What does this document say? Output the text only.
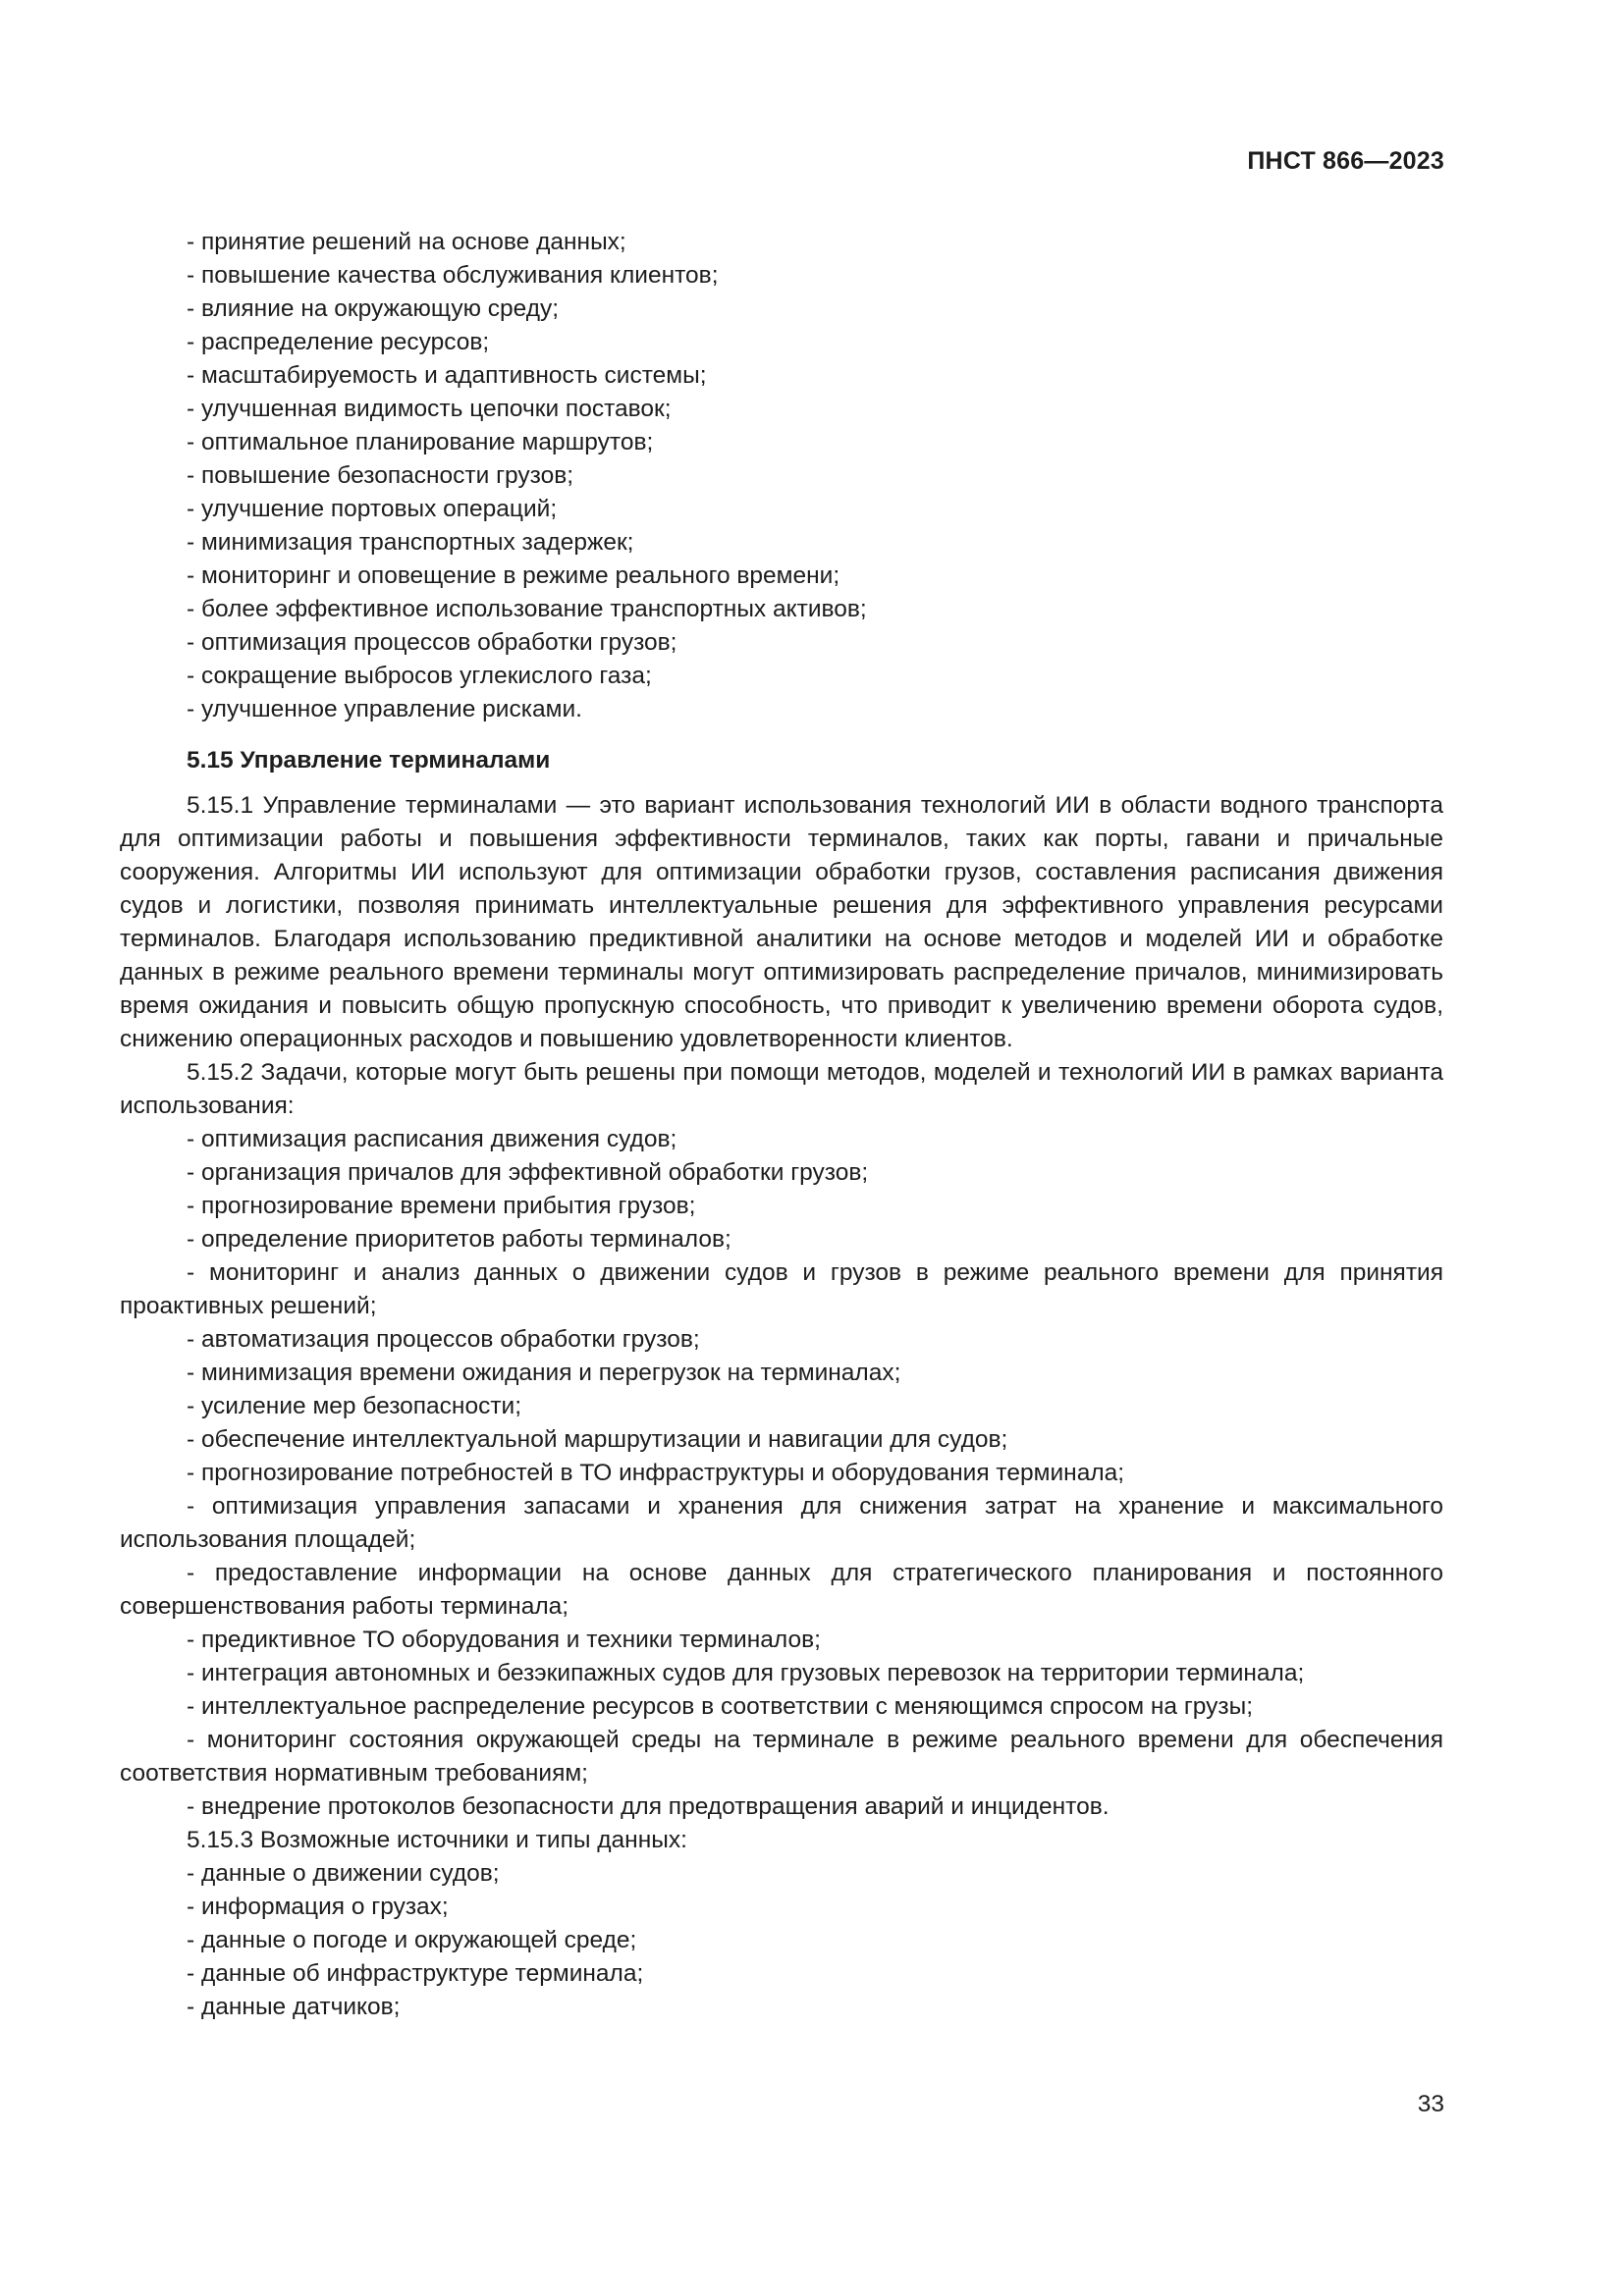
ПНСТ 866—2023
- принятие решений на основе данных;
- повышение качества обслуживания клиентов;
- влияние на окружающую среду;
- распределение ресурсов;
- масштабируемость и адаптивность системы;
- улучшенная видимость цепочки поставок;
- оптимальное планирование маршрутов;
- повышение безопасности грузов;
- улучшение портовых операций;
- минимизация транспортных задержек;
- мониторинг и оповещение в режиме реального времени;
- более эффективное использование транспортных активов;
- оптимизация процессов обработки грузов;
- сокращение выбросов углекислого газа;
- улучшенное управление рисками.
5.15 Управление терминалами
5.15.1 Управление терминалами — это вариант использования технологий ИИ в области водного транспорта для оптимизации работы и повышения эффективности терминалов, таких как порты, гавани и причальные сооружения. Алгоритмы ИИ используют для оптимизации обработки грузов, составления расписания движения судов и логистики, позволяя принимать интеллектуальные решения для эффективного управления ресурсами терминалов. Благодаря использованию предиктивной аналитики на основе методов и моделей ИИ и обработке данных в режиме реального времени терминалы могут оптимизировать распределение причалов, минимизировать время ожидания и повысить общую пропускную способность, что приводит к увеличению времени оборота судов, снижению операционных расходов и повышению удовлетворенности клиентов.
5.15.2 Задачи, которые могут быть решены при помощи методов, моделей и технологий ИИ в рамках варианта использования:
- оптимизация расписания движения судов;
- организация причалов для эффективной обработки грузов;
- прогнозирование времени прибытия грузов;
- определение приоритетов работы терминалов;
- мониторинг и анализ данных о движении судов и грузов в режиме реального времени для принятия проактивных решений;
- автоматизация процессов обработки грузов;
- минимизация времени ожидания и перегрузок на терминалах;
- усиление мер безопасности;
- обеспечение интеллектуальной маршрутизации и навигации для судов;
- прогнозирование потребностей в ТО инфраструктуры и оборудования терминала;
- оптимизация управления запасами и хранения для снижения затрат на хранение и максимального использования площадей;
- предоставление информации на основе данных для стратегического планирования и постоянного совершенствования работы терминала;
- предиктивное ТО оборудования и техники терминалов;
- интеграция автономных и безэкипажных судов для грузовых перевозок на территории терминала;
- интеллектуальное распределение ресурсов в соответствии с меняющимся спросом на грузы;
- мониторинг состояния окружающей среды на терминале в режиме реального времени для обеспечения соответствия нормативным требованиям;
- внедрение протоколов безопасности для предотвращения аварий и инцидентов.
5.15.3 Возможные источники и типы данных:
- данные о движении судов;
- информация о грузах;
- данные о погоде и окружающей среде;
- данные об инфраструктуре терминала;
- данные датчиков;
33
